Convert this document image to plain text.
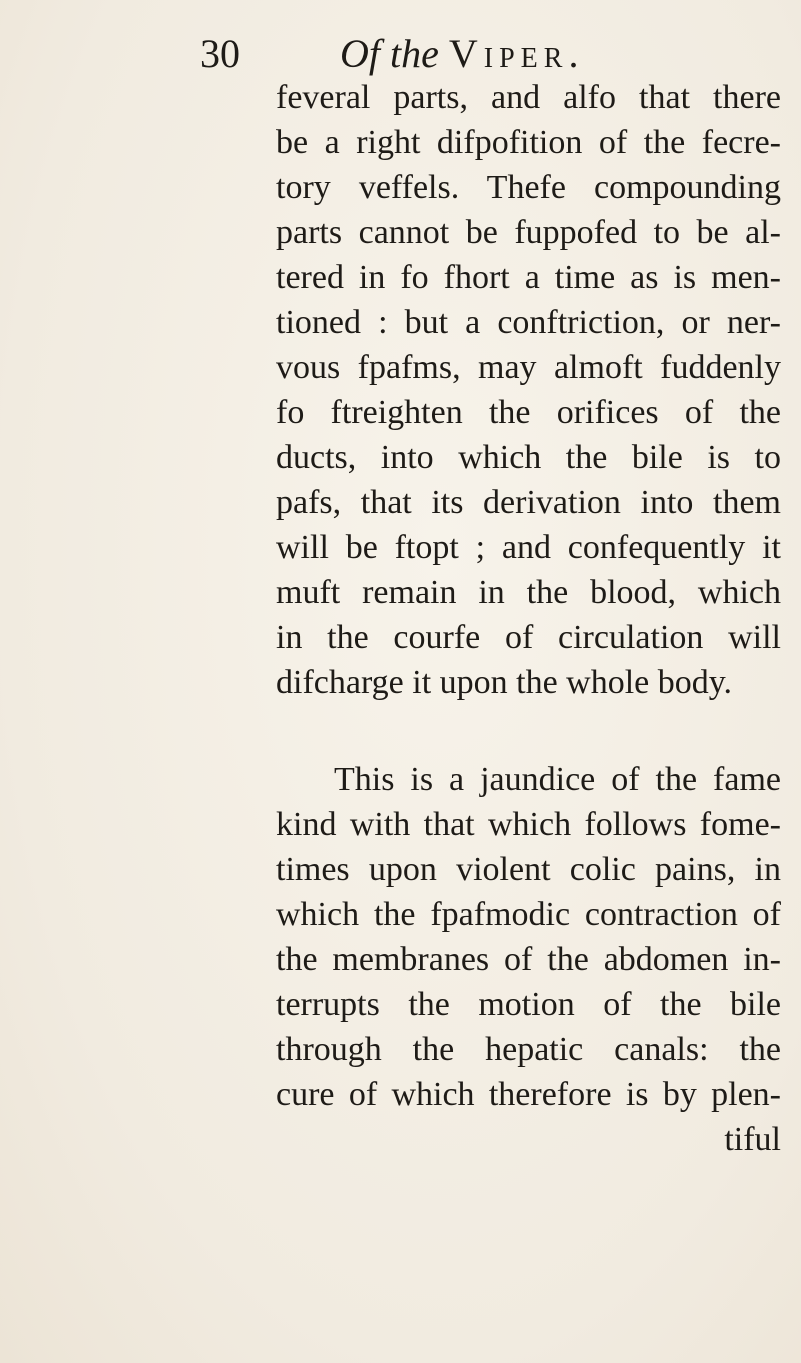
30	Of the Viper.
feveral parts, and alfo that there
be a right difpofition of the fecre-
tory veffels. Thefe compounding
parts cannot be fuppofed to be al-
tered in fo fhort a time as is men-
tioned : but a conftriction, or ner-
vous fpafms, may almoft fuddenly
fo ftreighten the orifices of the
ducts, into which the bile is to
pafs, that its derivation into them
will be ftopt ; and confequently it
muft remain in the blood, which
in the courfe of circulation will
difcharge it upon the whole body.
This is a jaundice of the fame
kind with that which follows fome-
times upon violent colic pains, in
which the fpafmodic contraction of
the membranes of the abdomen in-
terrupts the motion of the bile
through the hepatic canals: the
cure of which therefore is by plen-
tiful
